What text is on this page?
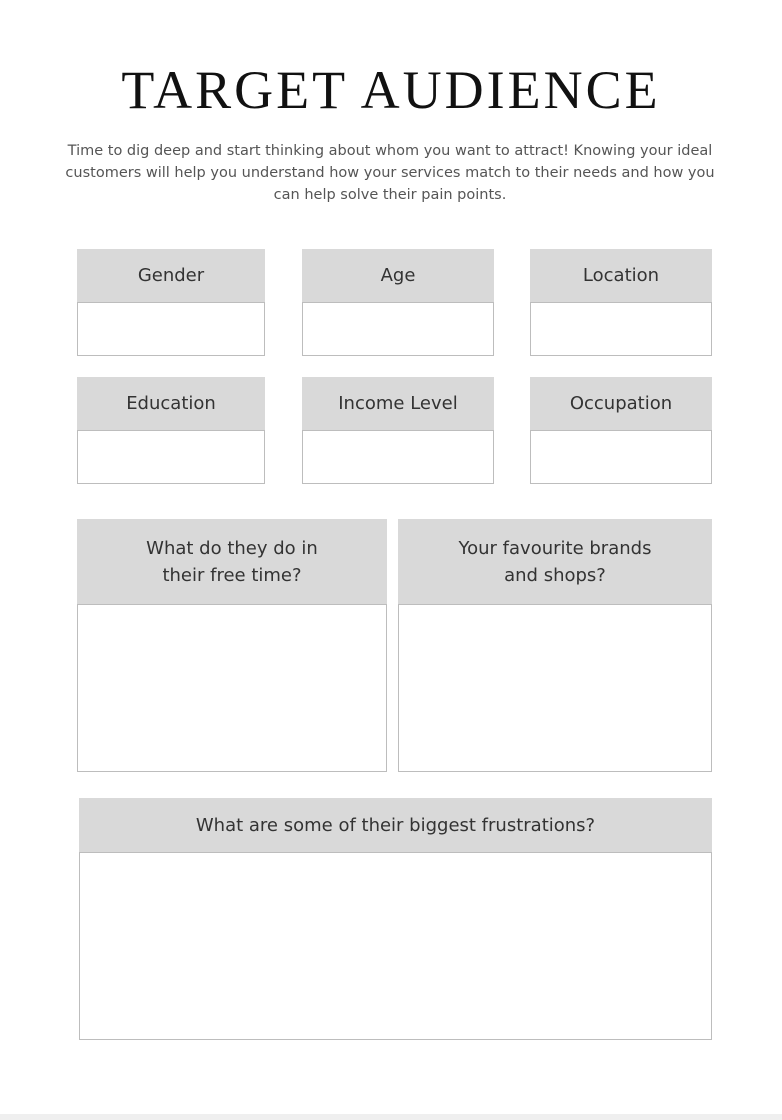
TARGET AUDIENCE

Time to dig deep and start thinking about whom you want to attract! Knowing your ideal customers will help you understand how your services match to their needs and how you can help solve their pain points.

Gender	Age	Location
Education	Income Level	Occupation
What do they do in
their free time?
Your favourite brands
and shops?
What are some of their biggest frustrations?
